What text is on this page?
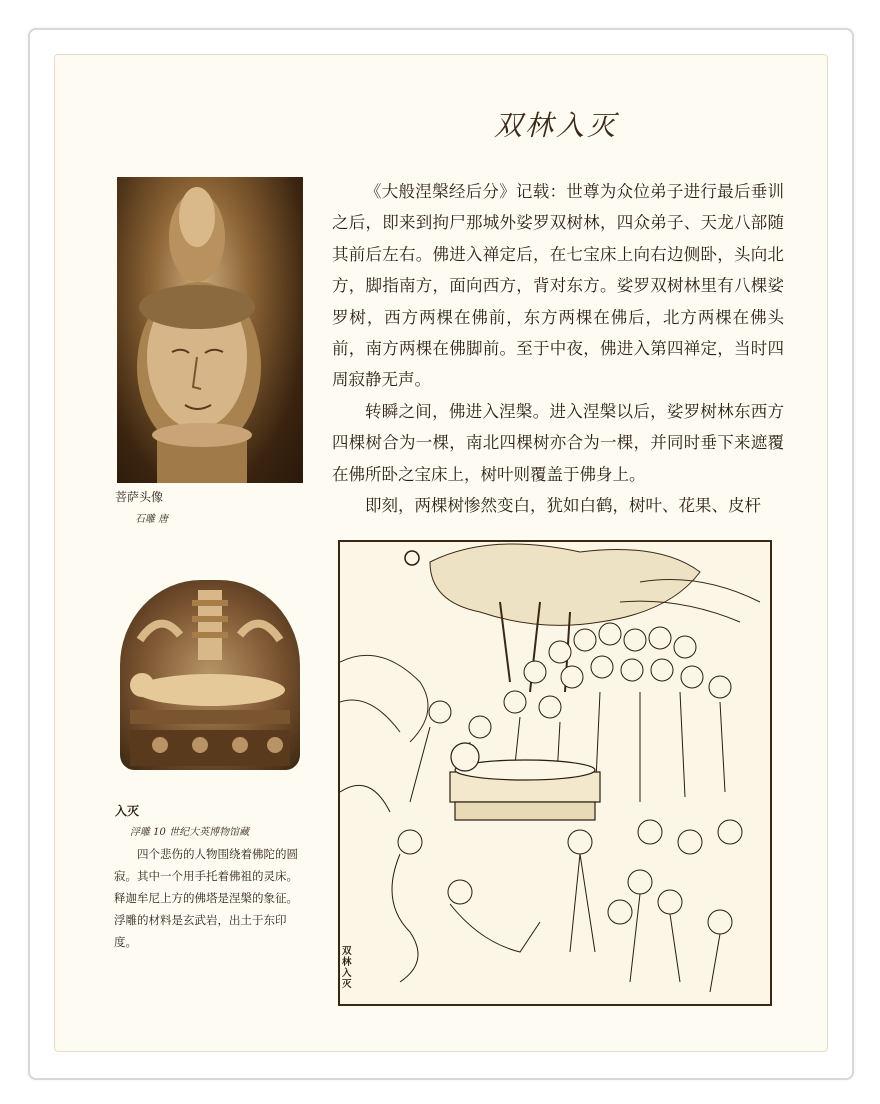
双林入灭

《大般涅槃经后分》记载：世尊为众位弟子进行最后垂训之后，即来到拘尸那城外娑罗双树林，四众弟子、天龙八部随其前后左右。佛进入禅定后，在七宝床上向右边侧卧，头向北方，脚指南方，面向西方，背对东方。娑罗双树林里有八棵娑罗树，西方两棵在佛前，东方两棵在佛后，北方两棵在佛头前，南方两棵在佛脚前。至于中夜，佛进入第四禅定，当时四周寂静无声。

转瞬之间，佛进入涅槃。进入涅槃以后，娑罗树林东西方四棵树合为一棵，南北四棵树亦合为一棵，并同时垂下来遮覆在佛所卧之宝床上，树叶则覆盖于佛身上。

即刻，两棵树惨然变白，犹如白鹤，树叶、花果、皮杆

菩萨头像
石雕 唐
入灭
浮雕 10 世纪大英博物馆藏
四个悲伤的人物围绕着佛陀的圆寂。其中一个用手托着佛祖的灵床。释迦牟尼上方的佛塔是涅槃的象征。浮雕的材料是玄武岩，出土于东印度。
双林入灭
